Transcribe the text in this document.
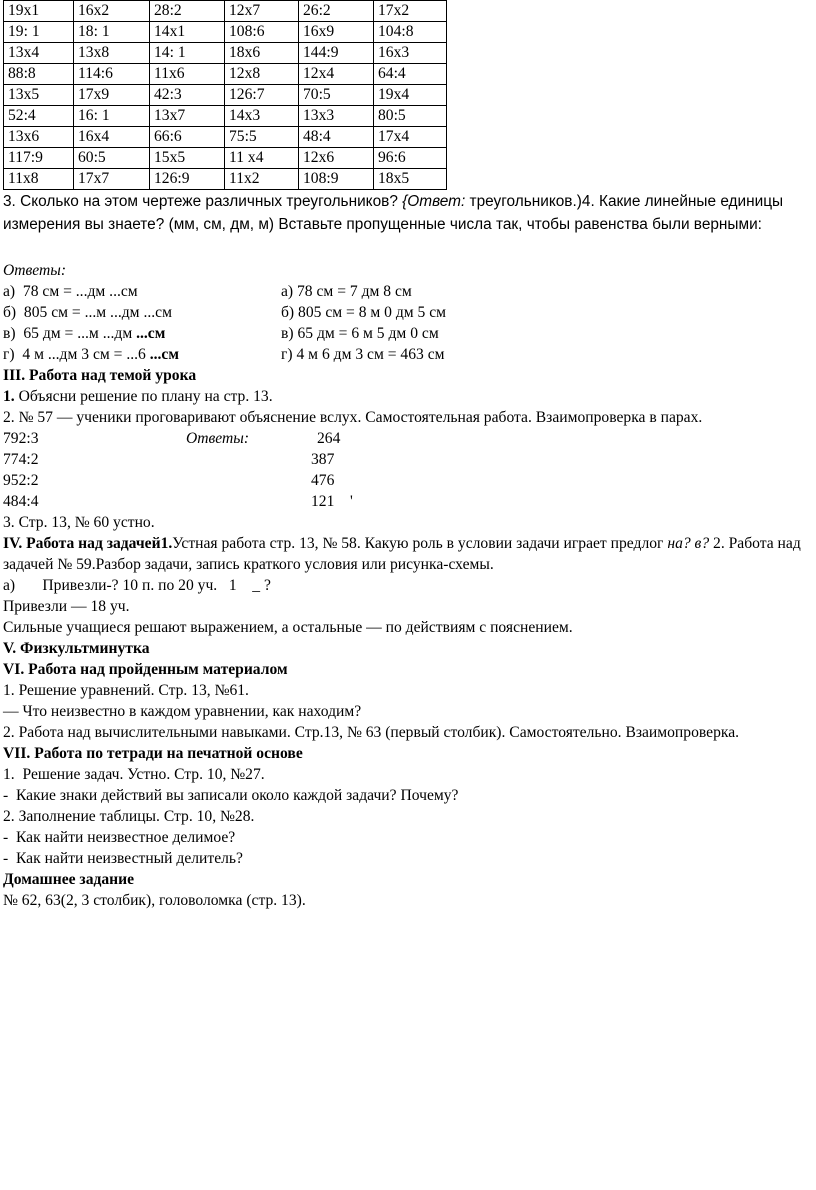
19х1	16х2	28:2	12х7	26:2	17х2
19: 1	18: 1	14х1	108:6	16х9	104:8
13х4	13х8	14: 1	18х6	144:9	16х3
88:8	114:6	11х6	12х8	12х4	64:4
13х5	17х9	42:3	126:7	70:5	19х4
52:4	16: 1	13х7	14х3	13х3	80:5
13х6	16х4	66:6	75:5	48:4	17х4
117:9	60:5	15х5	11 х4	12х6	96:6
11х8	17х7	126:9	11х2	108:9	18х5
3. Сколько на этом чертеже различных треугольников? {Ответ: треугольников.)4. Какие линейные единицы измерения вы знаете? (мм, см, дм, м) Вставьте пропущенные числа так, чтобы равенства были верными:
Ответы:
а)  78 см = ...дм ...см	а) 78 см = 7 дм 8 см
б)  805 см = ...м ...дм ...см	б) 805 см = 8 м 0 дм 5 см
в)  65 дм = ...м ...дм ...см	в) 65 дм = 6 м 5 дм 0 см
г)  4 м ...дм 3 см = ...6 ...см	г) 4 м 6 дм 3 см = 463 см
III. Работа над темой урока
1. Объясни решение по плану на стр. 13.
2. № 57 — ученики проговаривают объяснение вслух. Самостоятельная работа. Взаимопроверка в парах.
792:3	Ответы:	264
774:2	387
952:2	476
484:4	121    '
3. Стр. 13, № 60 устно.
IV. Работа над задачей1.Устная работа стр. 13, № 58. Какую роль в условии задачи играет предлог на? в? 2. Работа над задачей № 59.Разбор задачи, запись краткого условия или рисунка-схемы.
а)       Привезли-? 10 п. по 20 уч.   1    _ ?
Привезли — 18 уч.
Сильные учащиеся решают выражением, а остальные — по действиям с пояснением.
V. Физкультминутка
VI. Работа над пройденным материалом
1. Решение уравнений. Стр. 13, №61.
— Что неизвестно в каждом уравнении, как находим?
2. Работа над вычислительными навыками. Стр.13, № 63 (первый столбик). Самостоятельно. Взаимопроверка.
VII. Работа по тетради на печатной основе
1.  Решение задач. Устно. Стр. 10, №27.
-  Какие знаки действий вы записали около каждой задачи? Почему?
2. Заполнение таблицы. Стр. 10, №28.
-  Как найти неизвестное делимое?
-  Как найти неизвестный делитель?
Домашнее задание
№ 62, 63(2, 3 столбик), головоломка (стр. 13).
